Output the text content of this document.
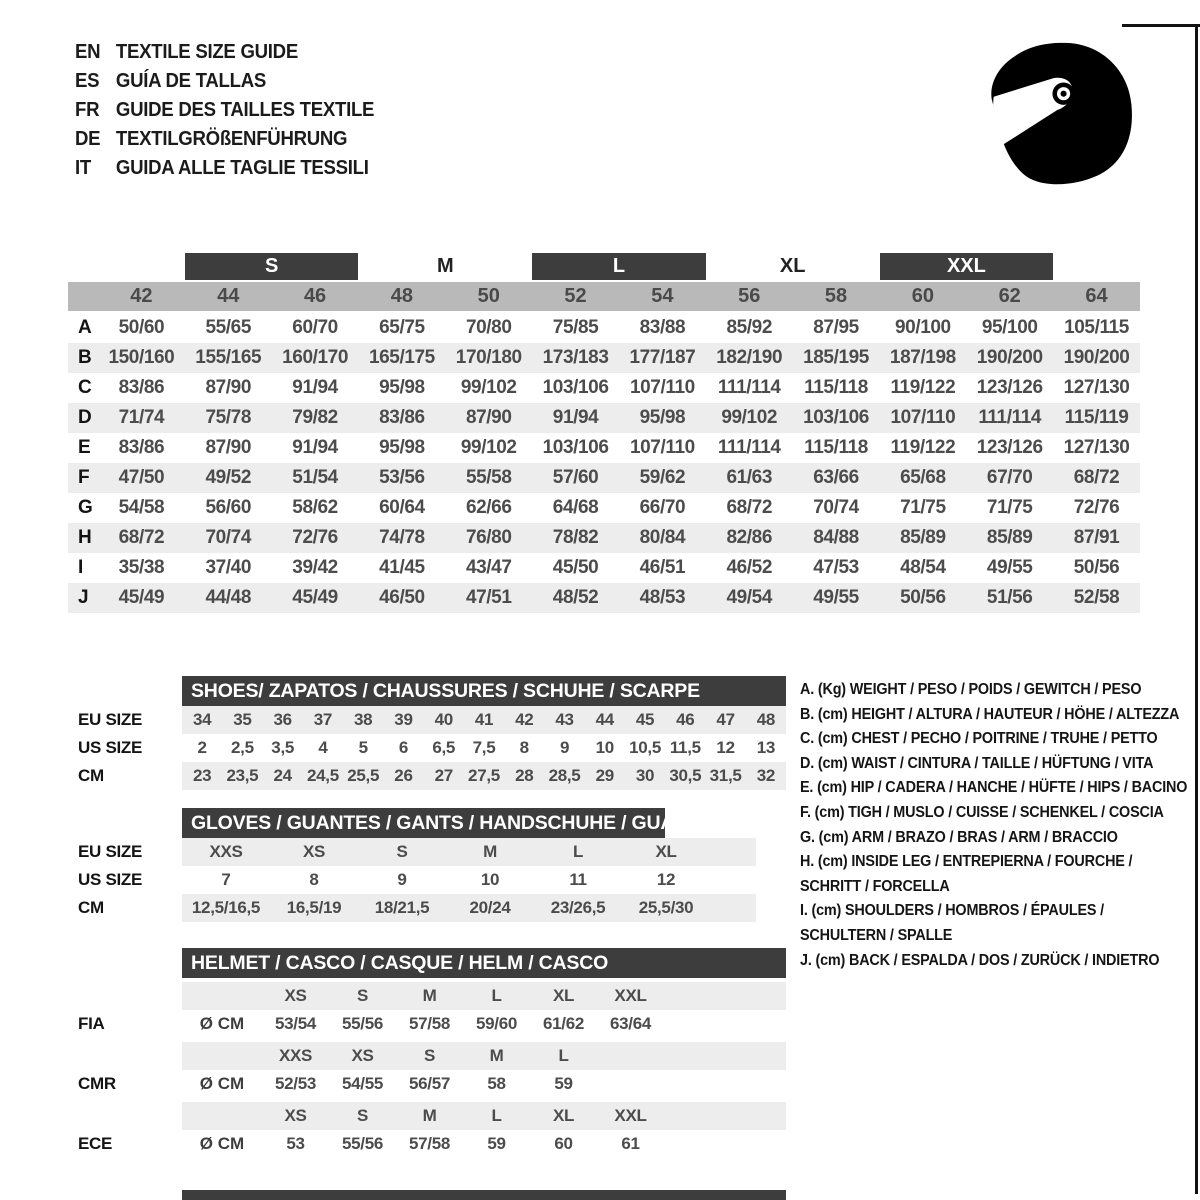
EN TEXTILE SIZE GUIDE
ES GUÍA DE TALLAS
FR GUIDE DES TAILLES TEXTILE
DE TEXTILGRÖßENFÜHRUNG
IT	GUIDA ALLE TAGLIE TESSILI
S	M	L	XL	XXL
42	44	46	48	50	52	54	56	58	60	62	64
A	50/60	55/65	60/70	65/75	70/80	75/85	83/88	85/92	87/95	90/100	95/100	105/115
B 150/160	155/165	160/170	165/175	170/180	173/183	177/187	182/190	185/195	187/198	190/200	190/200
C	83/86	87/90	91/94	95/98	99/102	103/106	107/110	111/114	115/118	119/122	123/126	127/130
D	71/74	75/78	79/82	83/86	87/90	91/94	95/98	99/102	103/106	107/110	111/114	115/119
E	83/86	87/90	91/94	95/98	99/102	103/106	107/110	111/114	115/118	119/122	123/126	127/130
F	47/50	49/52	51/54	53/56	55/58	57/60	59/62	61/63	63/66	65/68	67/70	68/72
G	54/58	56/60	58/62	60/64	62/66	64/68	66/70	68/72	70/74	71/75	71/75	72/76
H	68/72	70/74	72/76	74/78	76/80	78/82	80/84	82/86	84/88	85/89	85/89	87/91
I	35/38	37/40	39/42	41/45	43/47	45/50	46/51	46/52	47/53	48/54	49/55	50/56
J	45/49	44/48	45/49	46/50	47/51	48/52	48/53	49/54	49/55	50/56	51/56	52/58
SHOES/ ZAPATOS / CHAUSSURES / SCHUHE / SCARPE
34	35	36	37	38	39	40	41	42	43	44	45	46	47	48
EU SIZE
2	2,5	3,5	4	5	6	6,5	7,5	8	9	10 10,5 11,5 12	13
US SIZE
23 23,5 24 24,5 25,5 26	27 27,5 28 28,5 29	30 30,5 31,5 32
CM
GLOVES / GUANTES / GANTS / HANDSCHUHE / GUANTI
XXS	XS	S	M	L	XL
EU SIZE
7	8	9	10	11	12
US SIZE
12,5/16,5	16,5/19	18/21,5	20/24	23/26,5	25,5/30
CM
HELMET / CASCO / CASQUE / HELM / CASCO
XS	S	M	L	XL	XXL
Ø CM	53/54	55/56	57/58	59/60	61/62	63/64
FIA
XXS	XS	S	M	L
Ø CM	52/53	54/55	56/57	58	59
CMR
XS	S	M	L	XL	XXL
Ø CM	53	55/56	57/58	59	60	61
ECE
A. (Kg) WEIGHT / PESO / POIDS / GEWITCH / PESO
B. (cm) HEIGHT / ALTURA / HAUTEUR / HÖHE / ALTEZZA
C. (cm) CHEST / PECHO / POITRINE / TRUHE / PETTO
D. (cm) WAIST / CINTURA / TAILLE / HÜFTUNG / VITA
E. (cm) HIP / CADERA / HANCHE / HÜFTE / HIPS / BACINO
F. (cm) TIGH / MUSLO / CUISSE / SCHENKEL / COSCIA
G. (cm) ARM / BRAZO / BRAS / ARM / BRACCIO
H. (cm) INSIDE LEG / ENTREPIERNA / FOURCHE /
SCHRITT / FORCELLA
I. (cm) SHOULDERS / HOMBROS / ÉPAULES /
SCHULTERN / SPALLE
J. (cm) BACK / ESPALDA / DOS / ZURÜCK / INDIETRO
